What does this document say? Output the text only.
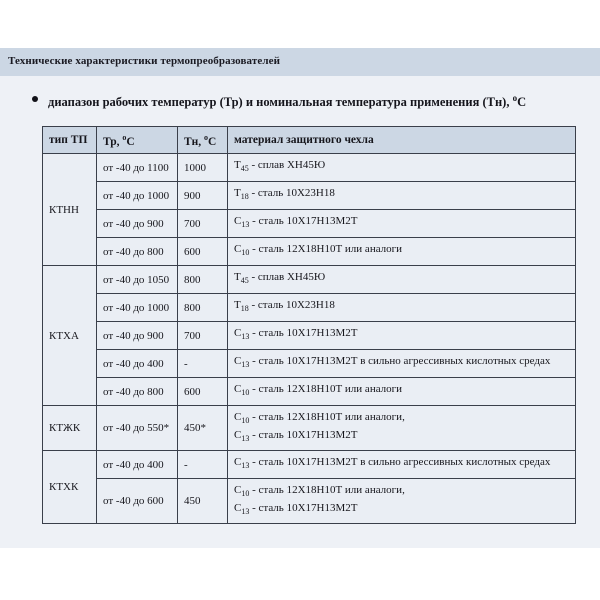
Технические характеристики термопреобразователей
диапазон рабочих температур (Тр) и номинальная температура применения (Тн), $^o$C
тип ТП	Тр, $^o$C	Тн, $^o$C	материал защитного чехла
КТНН	от -40 до 1100	1000	$Т_{45}$ - сплав ХН45Ю

	от -40 до 1000	900	$Т_{18}$ - сталь 10Х23Н18

	от -40 до 900	700	$С_{13}$ - сталь 10Х17Н13М2Т

	от -40 до 800	600	$С_{10}$ - сталь 12Х18Н10Т или аналоги

КТХА	от -40 до 1050	800	$Т_{45}$ - сплав ХН45Ю

	от -40 до 1000	800	$Т_{18}$ - сталь 10Х23Н18

	от -40 до 900	700	$С_{13}$ - сталь 10Х17Н13М2Т

	от -40 до 400	-	$С_{13}$ - сталь 10Х17Н13М2Т в сильно агрессивных кислотных средах

	от -40 до 800	600	$С_{10}$ - сталь 12Х18Н10Т или аналоги

КТЖК	от -40 до 550*	450*	$С_{10}$ - сталь 12Х18Н10Т или аналоги,
$С_{13}$ - сталь 10Х17Н13М2Т

КТХК	от -40 до 400	-	$С_{13}$ - сталь 10Х17Н13М2Т в сильно агрессивных кислотных средах

	от -40 до 600	450	$С_{10}$ - сталь 12Х18Н10Т или аналоги,
$С_{13}$ - сталь 10Х17Н13М2Т
